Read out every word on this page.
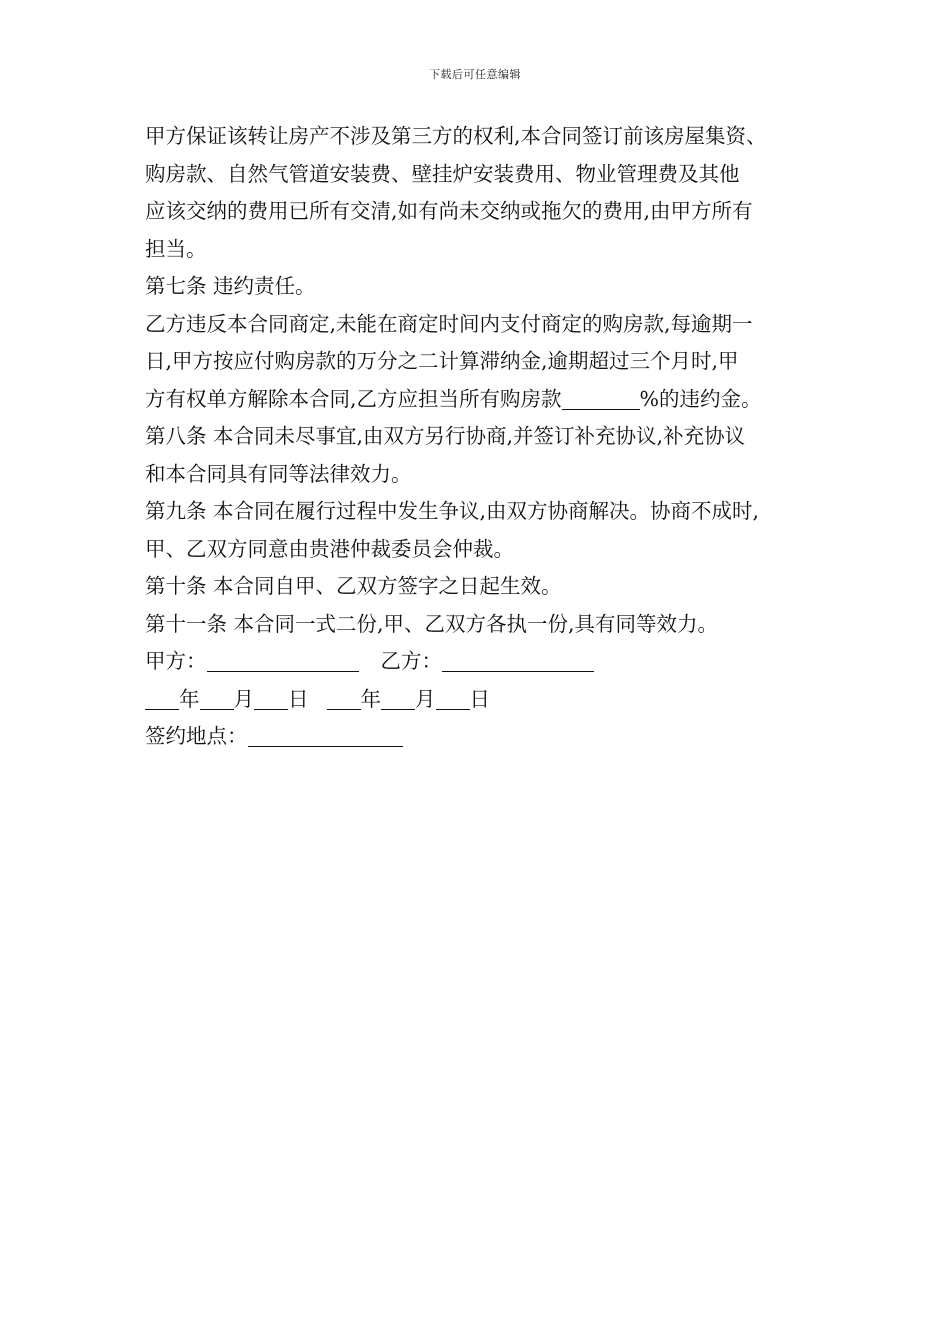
下载后可任意编辑
甲方保证该转让房产不涉及第三方的权利,本合同签订前该房屋集资、
购房款、自然气管道安装费、壁挂炉安装费用、物业管理费及其他
应该交纳的费用已所有交清,如有尚未交纳或拖欠的费用,由甲方所有
担当。
第七条 违约责任。
乙方违反本合同商定,未能在商定时间内支付商定的购房款,每逾期一
日,甲方按应付购房款的万分之二计算滞纳金,逾期超过三个月时,甲
方有权单方解除本合同,乙方应担当所有购房款	%的违约金。
第八条 本合同未尽事宜,由双方另行协商,并签订补充协议,补充协议
和本合同具有同等法律效力。
第九条 本合同在履行过程中发生争议,由双方协商解决。协商不成时,
甲、乙双方同意由贵港仲裁委员会仲裁。
第十条 本合同自甲、乙双方签字之日起生效。
第十一条 本合同一式二份,甲、乙双方各执一份,具有同等效力。
甲方：	乙方：
年 月 日	年 月 日
签约地点：
